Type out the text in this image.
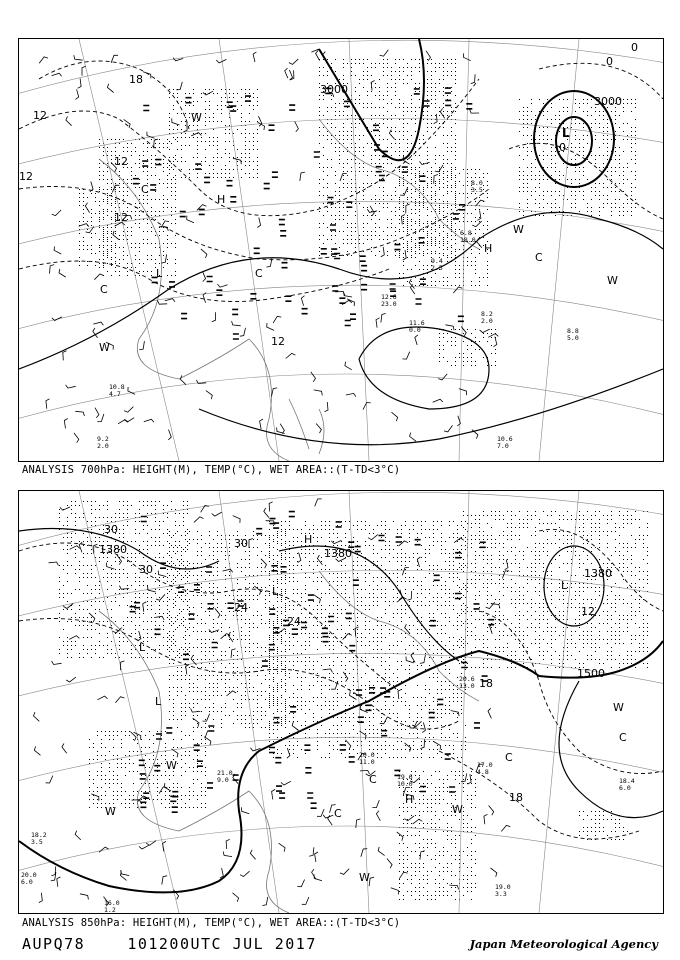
10.6
7.0
8.2
2.0
8.8
5.0
11.6
0.0
9.2
2.0
12.6
23.0
10.8
4.7
8.0
3.5
6.8
18.0
9.4
2.5
3000
3000
12
12
12
0
12
0
12
18
0
L
L
H
H
C
C
C
W
W
W
W
C
ANALYSIS 700hPa: HEIGHT(M), TEMP(°C), WET AREA::(T-TD<3°C)
18.4
6.0
17.0
4.8
19.0
3.3
19.6
10.0
20.0
11.0
20.6
13.0
18.2
3.5
20.0
6.0
16.0
1.2
21.0
9.0
1500
1380
1380	1380
30
30
24
18
12
18
24
30
L
L	L
L
H
H
C
C
C
W
W
W
W
W
C
ANALYSIS 850hPa: HEIGHT(M), TEMP(°C), WET AREA::(T-TD<3°C)
AUPQ78	101200UTC JUL 2017	Japan Meteorological Agency
